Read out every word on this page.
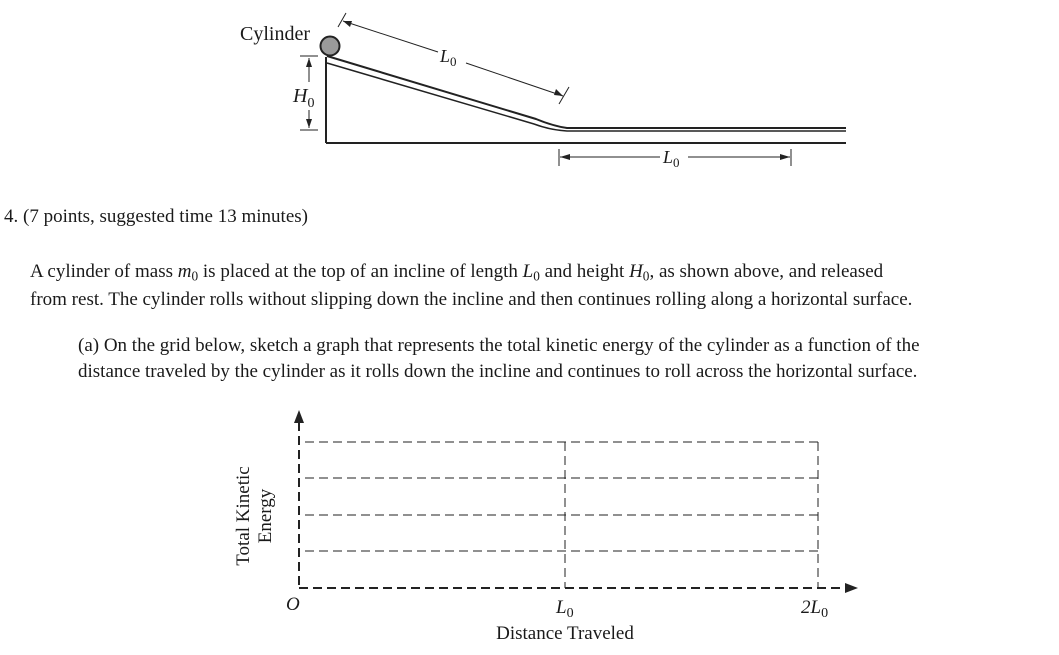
Cylinder
$H_0$
$L_0$
$L_0$
Total Kinetic Energy
O	$L_0$	$2L_0$
Distance Traveled
4. (7 points, suggested time 13 minutes)
A cylinder of mass $m_0$ is placed at the top of an incline of length $L_0$ and height $H_0$, as shown above, and released
from rest. The cylinder rolls without slipping down the incline and then continues rolling along a horizontal surface.
(a) On the grid below, sketch a graph that represents the total kinetic energy of the cylinder as a function of the
distance traveled by the cylinder as it rolls down the incline and continues to roll across the horizontal surface.
